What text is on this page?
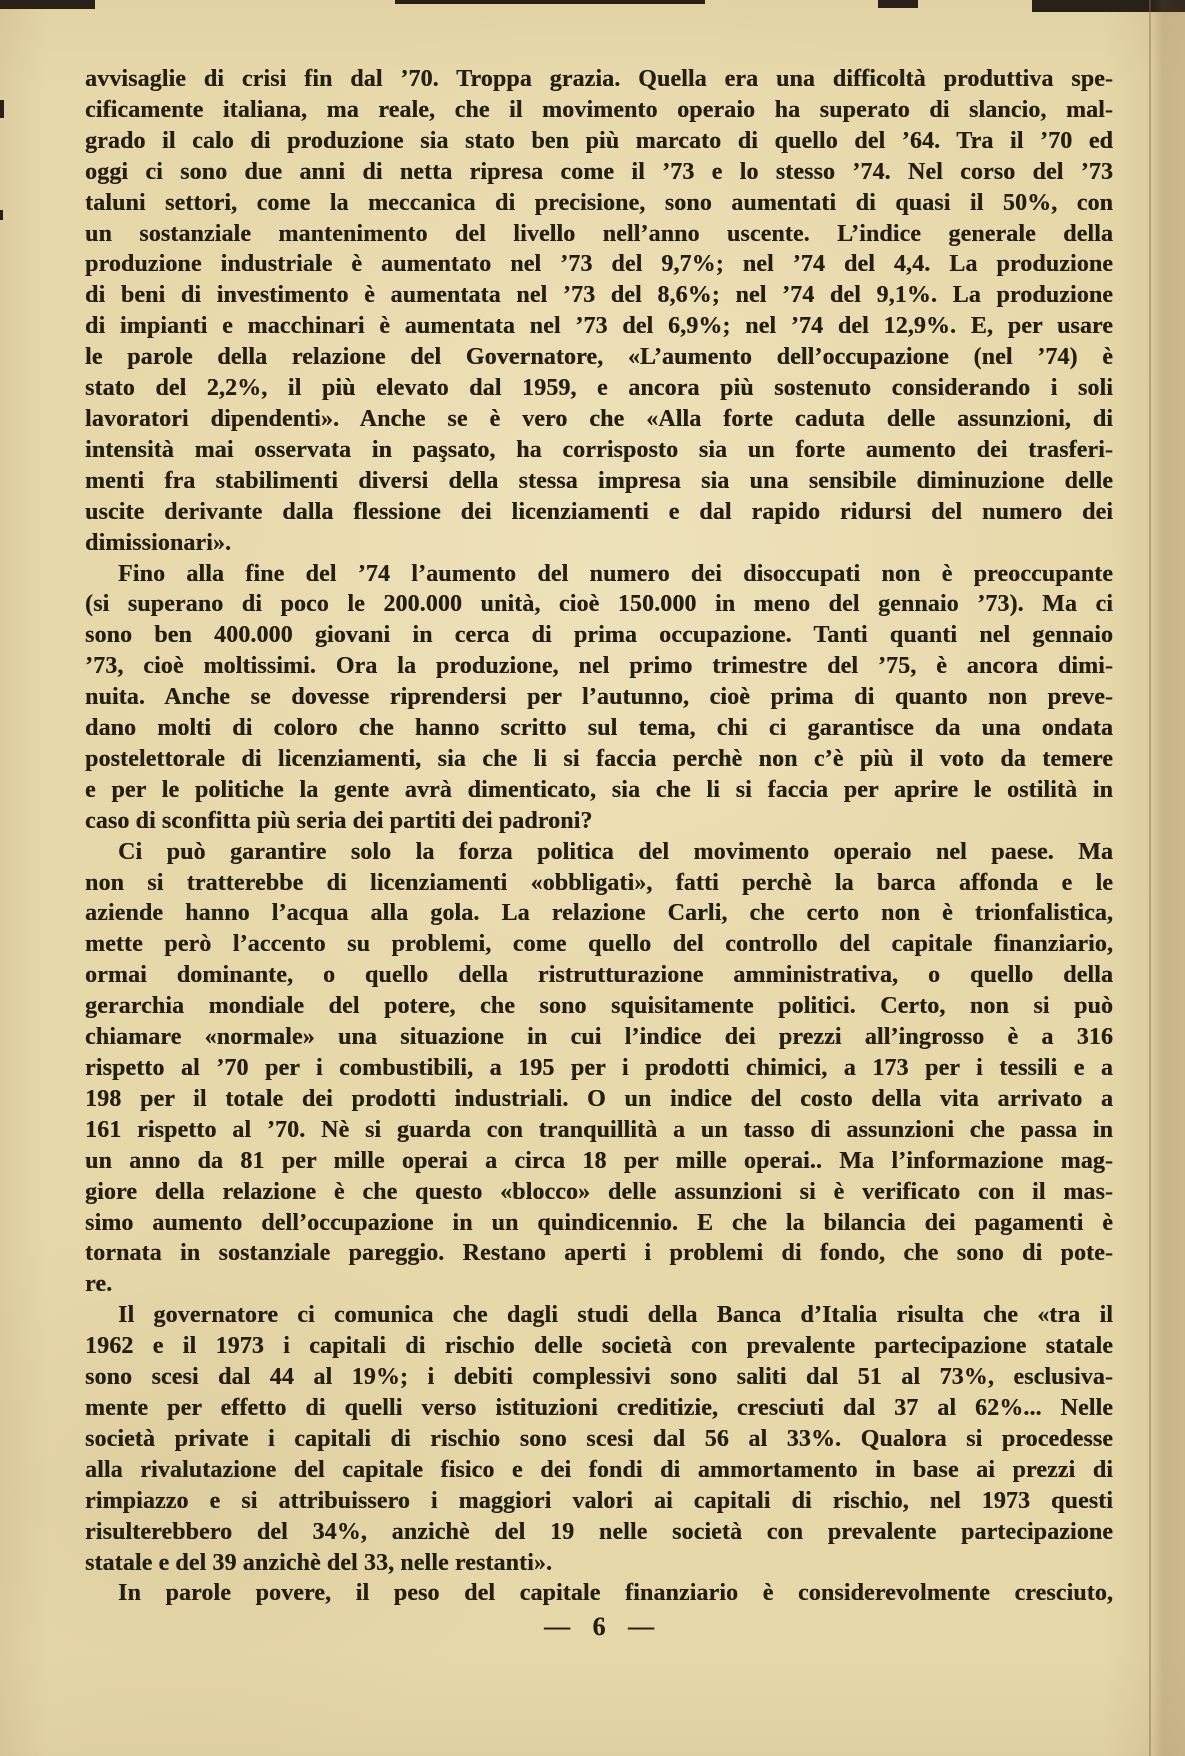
avvisaglie di crisi fin dal ’70. Troppa grazia. Quella era una difficoltà produttiva spe-
cificamente italiana, ma reale, che il movimento operaio ha superato di slancio, mal-
grado il calo di produzione sia stato ben più marcato di quello del ’64. Tra il ’70 ed
oggi ci sono due anni di netta ripresa come il ’73 e lo stesso ’74. Nel corso del ’73
taluni settori, come la meccanica di precisione, sono aumentati di quasi il 50%, con
un sostanziale mantenimento del livello nell’anno uscente. L’indice generale della
produzione industriale è aumentato nel ’73 del 9,7%; nel ’74 del 4,4. La produzione
di beni di investimento è aumentata nel ’73 del 8,6%; nel ’74 del 9,1%. La produzione
di impianti e macchinari è aumentata nel ’73 del 6,9%; nel ’74 del 12,9%. E, per usare
le parole della relazione del Governatore, «L’aumento dell’occupazione (nel ’74) è
stato del 2,2%, il più elevato dal 1959, e ancora più sostenuto considerando i soli
lavoratori dipendenti». Anche se è vero che «Alla forte caduta delle assunzioni, di
intensità mai osservata in paşsato, ha corrisposto sia un forte aumento dei trasferi-
menti fra stabilimenti diversi della stessa impresa sia una sensibile diminuzione delle
uscite derivante dalla flessione dei licenziamenti e dal rapido ridursi del numero dei
dimissionari».
Fino alla fine del ’74 l’aumento del numero dei disoccupati non è preoccupante
(si superano di poco le 200.000 unità, cioè 150.000 in meno del gennaio ’73). Ma ci
sono ben 400.000 giovani in cerca di prima occupazione. Tanti quanti nel gennaio
’73, cioè moltissimi. Ora la produzione, nel primo trimestre del ’75, è ancora dimi-
nuita. Anche se dovesse riprendersi per l’autunno, cioè prima di quanto non preve-
dano molti di coloro che hanno scritto sul tema, chi ci garantisce da una ondata
postelettorale di licenziamenti, sia che li si faccia perchè non c’è più il voto da temere
e per le politiche la gente avrà dimenticato, sia che li si faccia per aprire le ostilità in
caso di sconfitta più seria dei partiti dei padroni?
Ci può garantire solo la forza politica del movimento operaio nel paese. Ma
non si tratterebbe di licenziamenti «obbligati», fatti perchè la barca affonda e le
aziende hanno l’acqua alla gola. La relazione Carli, che certo non è trionfalistica,
mette però l’accento su problemi, come quello del controllo del capitale finanziario,
ormai dominante, o quello della ristrutturazione amministrativa, o quello della
gerarchia mondiale del potere, che sono squisitamente politici. Certo, non si può
chiamare «normale» una situazione in cui l’indice dei prezzi all’ingrosso è a 316
rispetto al ’70 per i combustibili, a 195 per i prodotti chimici, a 173 per i tessili e a
198 per il totale dei prodotti industriali. O un indice del costo della vita arrivato a
161 rispetto al ’70. Nè si guarda con tranquillità a un tasso di assunzioni che passa in
un anno da 81 per mille operai a circa 18 per mille operai.. Ma l’informazione mag-
giore della relazione è che questo «blocco» delle assunzioni si è verificato con il mas-
simo aumento dell’occupazione in un quindicennio. E che la bilancia dei pagamenti è
tornata in sostanziale pareggio. Restano aperti i problemi di fondo, che sono di pote-
re.
Il governatore ci comunica che dagli studi della Banca d’Italia risulta che «tra il
1962 e il 1973 i capitali di rischio delle società con prevalente partecipazione statale
sono scesi dal 44 al 19%; i debiti complessivi sono saliti dal 51 al 73%, esclusiva-
mente per effetto di quelli verso istituzioni creditizie, cresciuti dal 37 al 62%... Nelle
società private i capitali di rischio sono scesi dal 56 al 33%. Qualora si procedesse
alla rivalutazione del capitale fisico e dei fondi di ammortamento in base ai prezzi di
rimpiazzo e si attribuissero i maggiori valori ai capitali di rischio, nel 1973 questi
risulterebbero del 34%, anzichè del 19 nelle società con prevalente partecipazione
statale e del 39 anzichè del 33, nelle restanti».
In parole povere, il peso del capitale finanziario è considerevolmente cresciuto,
— 6 —
